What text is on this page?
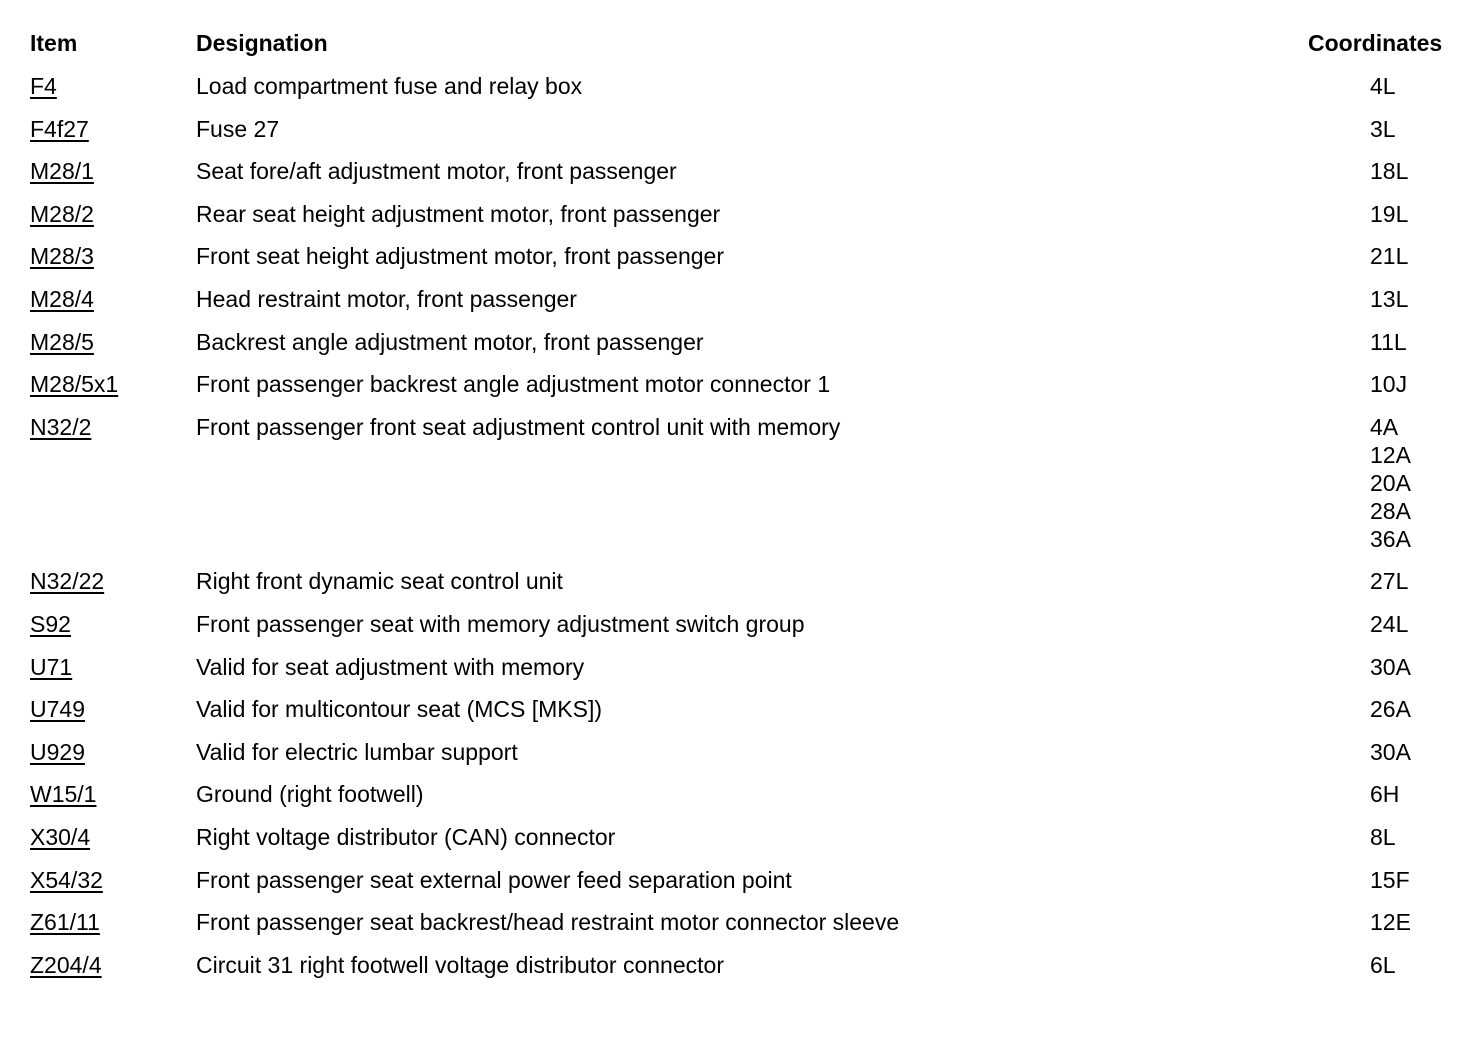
Item	Designation	Coordinates
F4	Load compartment fuse and relay box	4L
F4f27	Fuse 27	3L
M28/1	Seat fore/aft adjustment motor, front passenger	18L
M28/2	Rear seat height adjustment motor, front passenger	19L
M28/3	Front seat height adjustment motor, front passenger	21L
M28/4	Head restraint motor, front passenger	13L
M28/5	Backrest angle adjustment motor, front passenger	11L
M28/5x1	Front passenger backrest angle adjustment motor connector 1	10J
N32/2	Front passenger front seat adjustment control unit with memory	4A
12A
20A
28A
36A
N32/22	Right front dynamic seat control unit	27L
S92	Front passenger seat with memory adjustment switch group	24L
U71	Valid for seat adjustment with memory	30A
U749	Valid for multicontour seat (MCS [MKS])	26A
U929	Valid for electric lumbar support	30A
W15/1	Ground (right footwell)	6H
X30/4	Right voltage distributor (CAN) connector	8L
X54/32	Front passenger seat external power feed separation point	15F
Z61/11	Front passenger seat backrest/head restraint motor connector sleeve	12E
Z204/4	Circuit 31 right footwell voltage distributor connector	6L
